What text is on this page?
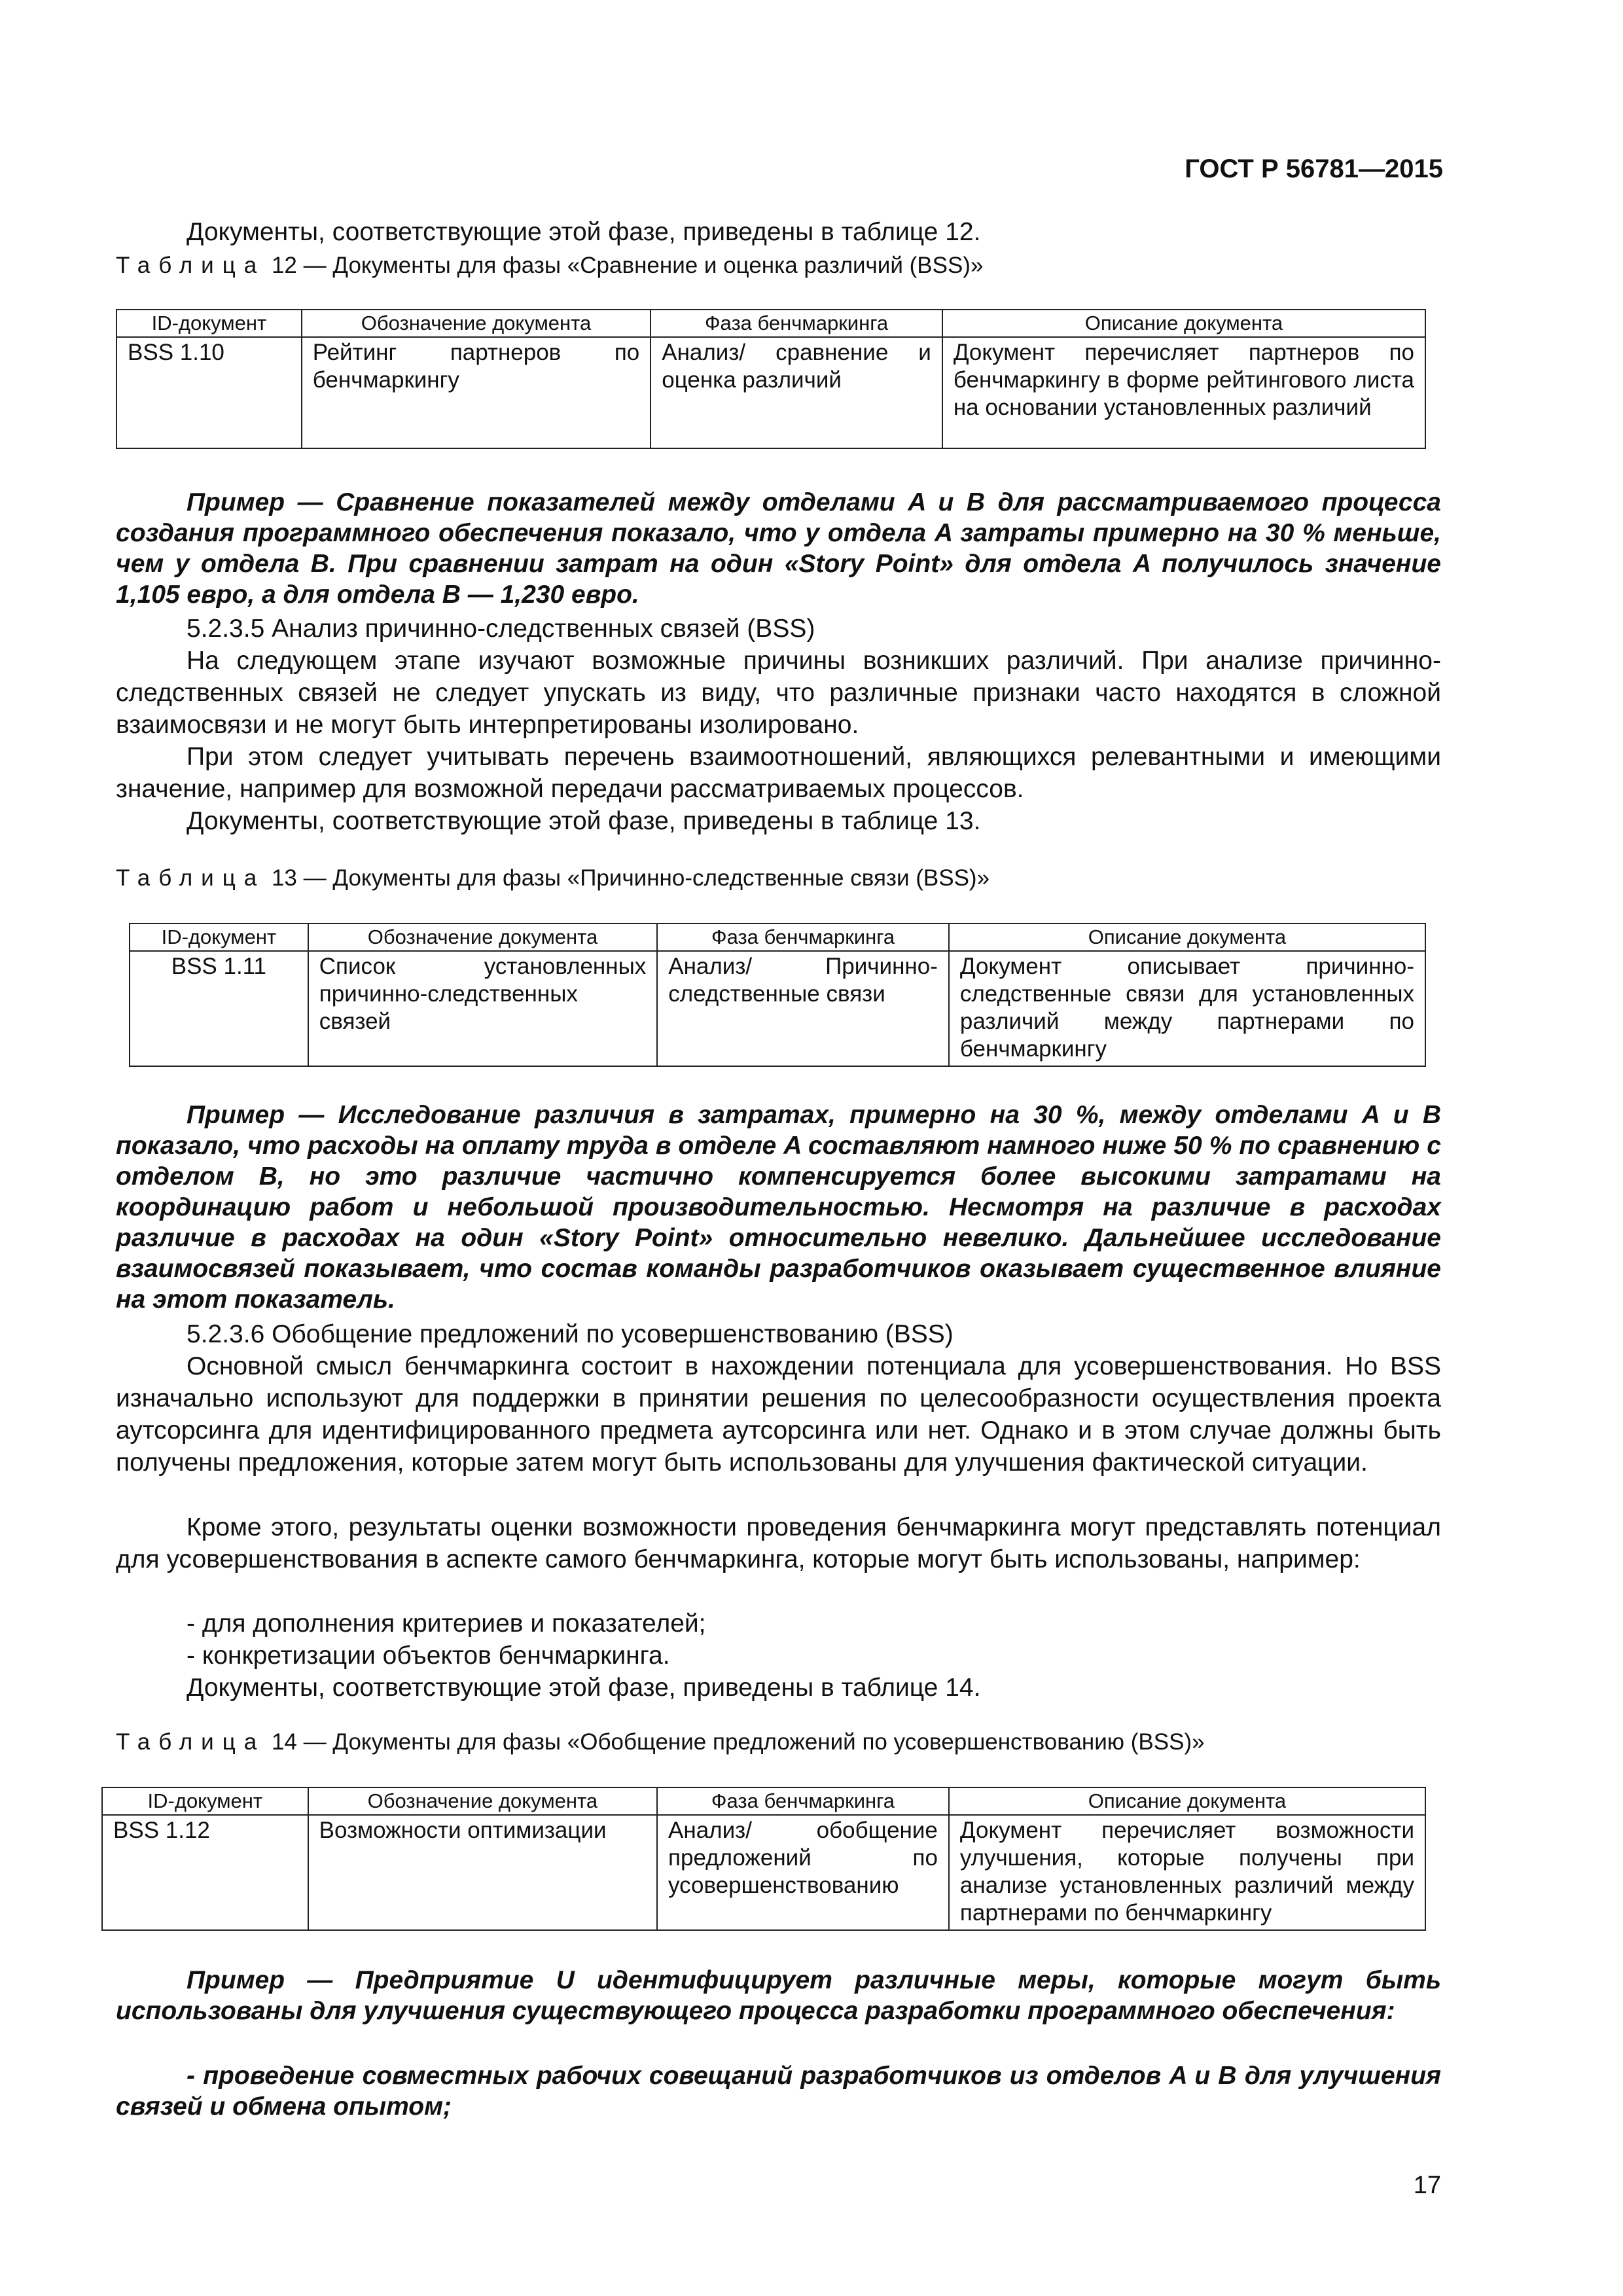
ГОСТ Р 56781—2015
Документы, соответствующие этой фазе, приведены в таблице 12.
Таблица 12 — Документы для фазы «Сравнение и оценка различий (BSS)»
ID-документ	Обозначение документа	Фаза бенчмаркинга	Описание документа
BSS 1.10	Рейтинг партнеров по бенчмаркингу	Анализ/ сравнение и оценка различий	Документ перечисляет партнеров по бенчмаркингу в форме рейтингового листа на основании установленных различий
Пример — Сравнение показателей между отделами A и B для рассматриваемого процесса создания программного обеспечения показало, что у отдела A затраты примерно на 30 % меньше, чем у отдела B. При сравнении затрат на один «Story Point» для отдела A получилось значение 1,105 евро, а для отдела B — 1,230 евро.
5.2.3.5 Анализ причинно-следственных связей (BSS)
На следующем этапе изучают возможные причины возникших различий. При анализе причинно-следственных связей не следует упускать из виду, что различные признаки часто находятся в сложной взаимосвязи и не могут быть интерпретированы изолировано.
При этом следует учитывать перечень взаимоотношений, являющихся релевантными и имеющими значение, например для возможной передачи рассматриваемых процессов.
Документы, соответствующие этой фазе, приведены в таблице 13.
Таблица 13 — Документы для фазы «Причинно-следственные связи (BSS)»
ID-документ	Обозначение документа	Фаза бенчмаркинга	Описание документа
BSS 1.11	Список установленных причинно-следственных связей	Анализ/ Причинно-следственные связи	Документ описывает причинно-следственные связи для установленных различий между партнерами по бенчмаркингу
Пример — Исследование различия в затратах, примерно на 30 %, между отделами A и B показало, что расходы на оплату труда в отделе A составляют намного ниже 50 % по сравнению с отделом B, но это различие частично компенсируется более высокими затратами на координацию работ и небольшой производительностью. Несмотря на различие в расходах различие в расходах на один «Story Point» относительно невелико. Дальнейшее исследование взаимосвязей показывает, что состав команды разработчиков оказывает существенное влияние на этот показатель.
5.2.3.6 Обобщение предложений по усовершенствованию (BSS)
Основной смысл бенчмаркинга состоит в нахождении потенциала для усовершенствования. Но BSS изначально используют для поддержки в принятии решения по целесообразности осуществления проекта аутсорсинга для идентифицированного предмета аутсорсинга или нет. Однако и в этом случае должны быть получены предложения, которые затем могут быть использованы для улучшения фактической ситуации.
Кроме этого, результаты оценки возможности проведения бенчмаркинга могут представлять потенциал для усовершенствования в аспекте самого бенчмаркинга, которые могут быть использованы, например:
- для дополнения критериев и показателей;
- конкретизации объектов бенчмаркинга.
Документы, соответствующие этой фазе, приведены в таблице 14.
Таблица 14 — Документы для фазы «Обобщение предложений по усовершенствованию (BSS)»
ID-документ	Обозначение документа	Фаза бенчмаркинга	Описание документа
BSS 1.12	Возможности оптимизации	Анализ/ обобщение предложений по усовершенствованию	Документ перечисляет возможности улучшения, которые получены при анализе установленных различий между партнерами по бенчмаркингу
Пример — Предприятие U идентифицирует различные меры, которые могут быть использованы для улучшения существующего процесса разработки программного обеспечения:
- проведение совместных рабочих совещаний разработчиков из отделов A и B для улучшения связей и обмена опытом;
17
